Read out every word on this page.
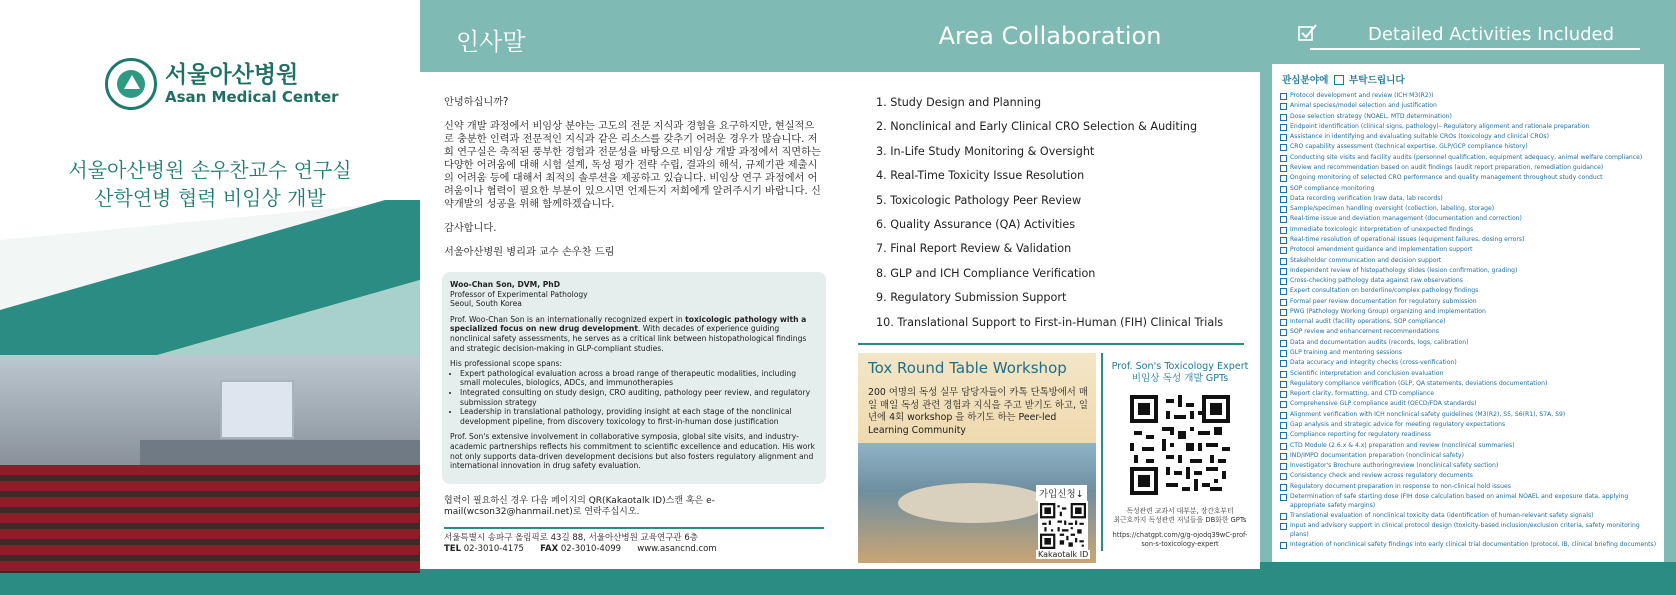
서울아산병원
Asan Medical Center
서울아산병원 손우찬교수 연구실
산학연병 협력 비임상 개발
인사말

안녕하십니까?

신약 개발 과정에서 비임상 분야는 고도의 전문 지식과 경험을 요구하지만, 현실적으로 충분한 인력과 전문적인 지식과 같은 리소스를 갖추기 어려운 경우가 많습니다. 저희 연구실은 축적된 풍부한 경험과 전문성을 바탕으로 비임상 개발 과정에서 직면하는 다양한 어려움에 대해 시험 설계, 독성 평가 전략 수립, 결과의 해석, 규제기관 제출시의 어려움 등에 대해서 최적의 솔루션을 제공하고 있습니다. 비임상 연구 과정에서 어려움이나 협력이 필요한 부분이 있으시면 언제든지 저희에게 알려주시기 바랍니다. 신약개발의 성공을 위해 함께하겠습니다.

감사합니다.

서울아산병원 병리과 교수 손우찬 드림

Woo-Chan Son, DVM, PhD
Professor of Experimental Pathology

Seoul, South Korea

Prof. Woo-Chan Son is an internationally recognized expert in toxicologic pathology with a specialized focus on new drug development. With decades of experience guiding nonclinical safety assessments, he serves as a critical link between histopathological findings and strategic decision-making in GLP-compliant studies.

His professional scope spans:
• Expert pathological evaluation across a broad range of therapeutic modalities, including small molecules, biologics, ADCs, and immunotherapies
• Integrated consulting on study design, CRO auditing, pathology peer review, and regulatory submission strategy
• Leadership in translational pathology, providing insight at each stage of the nonclinical development pipeline, from discovery toxicology to first-in-human dose justification

Prof. Son's extensive involvement in collaborative symposia, global site visits, and industry-academic partnerships reflects his commitment to scientific excellence and education. His work not only supports data-driven development decisions but also fosters regulatory alignment and international innovation in drug safety evaluation.

협력이 필요하신 경우 다음 페이지의 QR(Kakaotalk ID)스캔 혹은 e-mail(wcson32@hanmail.net)로 연락주십시오.
서울특별시 송파구 올림픽로 43길 88, 서울아산병원 교육연구관 6층
TEL 02-3010-4175 FAX 02-3010-4099 www.asancnd.com
Area Collaboration
1. Study Design and Planning
2. Nonclinical and Early Clinical CRO Selection & Auditing
3. In-Life Study Monitoring & Oversight
4. Real-Time Toxicity Issue Resolution
5. Toxicologic Pathology Peer Review
6. Quality Assurance (QA) Activities
7. Final Report Review & Validation
8. GLP and ICH Compliance Verification
9. Regulatory Submission Support
10. Translational Support to First-in-Human (FIH) Clinical Trials
Tox Round Table Workshop
200 여명의 독성 실무 담당자들이 카톡 단톡방에서 매일 매일 독성 관련 경험과 지식을 주고 받기도 하고, 일년에 4회 workshop 을 하기도 하는 Peer-led Learning Community
가입신청↓
Kakaotalk ID
Prof. Son's Toxicology Expert
비임상 독성 개발 GPTs
독성관련 교과서 대부분, 장간호부터
최근호까지 독성관련 저널들을 DB화한 GPTs
https://chatgpt.com/g/g-ojodq39wC-prof-son-s-toxicology-expert
Detailed Activities Included
관심분야에 부탁드립니다
Protocol development and review (ICH M3(R2))
Animal species/model selection and justification
Dose selection strategy (NOAEL, MTD determination)
Endpoint identification (clinical signs, pathology)– Regulatory alignment and rationale preparation
Assistance in identifying and evaluating suitable CROs (toxicology and clinical CROs)
CRO capability assessment (technical expertise, GLP/GCP compliance history)
Conducting site visits and facility audits (personnel qualification, equipment adequacy, animal welfare compliance)
Review and recommendation based on audit findings (audit report preparation, remediation guidance)
Ongoing monitoring of selected CRO performance and quality management throughout study conduct
SOP compliance monitoring
Data recording verification (raw data, lab records)
Sample/specimen handling oversight (collection, labeling, storage)
Real-time issue and deviation management (documentation and correction)
Immediate toxicologic interpretation of unexpected findings
Real-time resolution of operational issues (equipment failures, dosing errors)
Protocol amendment guidance and implementation support
Stakeholder communication and decision support
Independent review of histopathology slides (lesion confirmation, grading)
Cross-checking pathology data against raw observations
Expert consultation on borderline/complex pathology findings
Formal peer review documentation for regulatory submission
PWG (Pathology Working Group) organizing and implementation
Internal audit (facility operations, SOP compliance)
SOP review and enhancement recommendations
Data and documentation audits (records, logs, calibration)
GLP training and mentoring sessions
Data accuracy and integrity checks (cross-verification)
Scientific interpretation and conclusion evaluation
Regulatory compliance verification (GLP, QA statements, deviations documentation)
Report clarity, formatting, and CTD compliance
Comprehensive GLP compliance audit (OECD/FDA standards)
Alignment verification with ICH nonclinical safety guidelines (M3(R2), S5, S6(R1), S7A, S9)
Gap analysis and strategic advice for meeting regulatory expectations
Compliance reporting for regulatory readiness
CTD Module (2.6.x & 4.x) preparation and review (nonclinical summaries)
IND/IMPD documentation preparation (nonclinical safety)
Investigator's Brochure authoring/review (nonclinical safety section)
Consistency check and review across regulatory documents
Regulatory document preparation in response to non-clinical hold issues
Determination of safe starting dose (FIH dose calculation based on animal NOAEL and exposure data, applying appropriate safety margins)
Translational evaluation of nonclinical toxicity data (identification of human-relevant safety signals)
Input and advisory support in clinical protocol design (toxicity-based inclusion/exclusion criteria, safety monitoring plans)
Integration of nonclinical safety findings into early clinical trial documentation (protocol, IB, clinical briefing documents)
